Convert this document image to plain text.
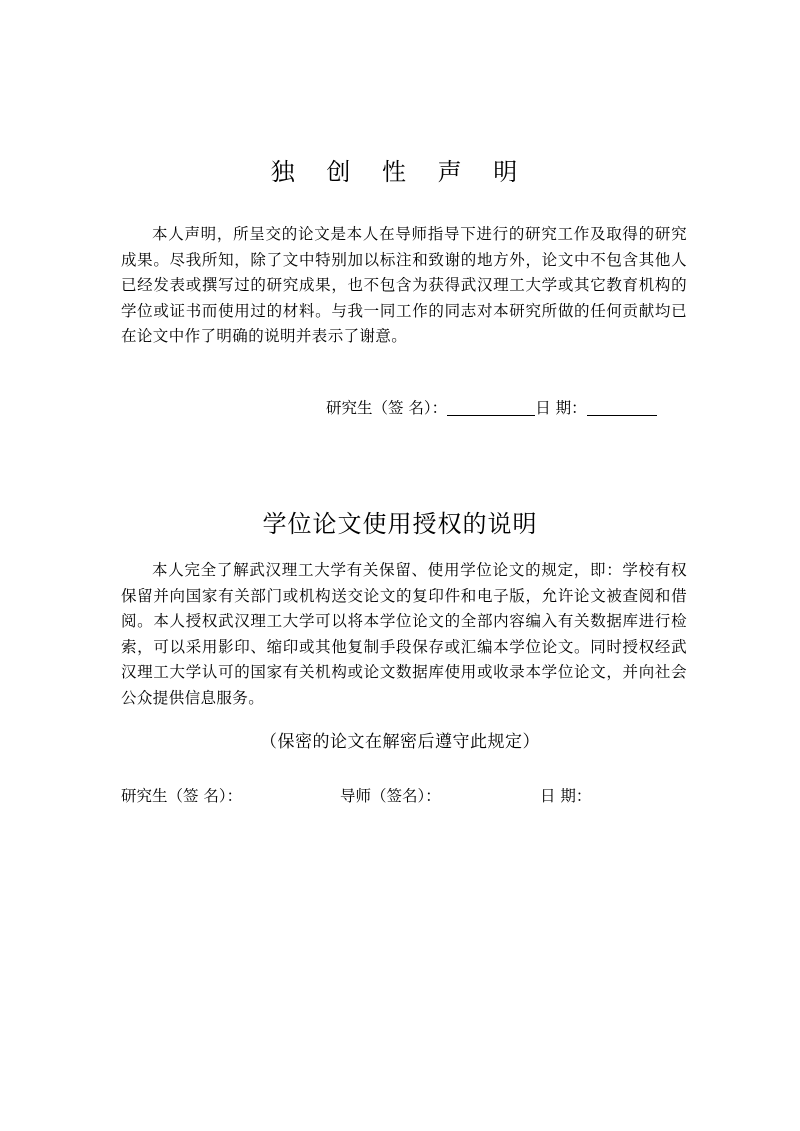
独 创 性 声 明
本人声明，所呈交的论文是本人在导师指导下进行的研究工作及取得的研究成果。尽我所知，除了文中特别加以标注和致谢的地方外，论文中不包含其他人已经发表或撰写过的研究成果，也不包含为获得武汉理工大学或其它教育机构的学位或证书而使用过的材料。与我一同工作的同志对本研究所做的任何贡献均已在论文中作了明确的说明并表示了谢意。
研究生（签 名）：	日 期：
学位论文使用授权的说明
本人完全了解武汉理工大学有关保留、使用学位论文的规定，即：学校有权保留并向国家有关部门或机构送交论文的复印件和电子版，允许论文被查阅和借阅。本人授权武汉理工大学可以将本学位论文的全部内容编入有关数据库进行检索，可以采用影印、缩印或其他复制手段保存或汇编本学位论文。同时授权经武汉理工大学认可的国家有关机构或论文数据库使用或收录本学位论文，并向社会公众提供信息服务。
（保密的论文在解密后遵守此规定）
研究生（签 名）：	导师（签名）：	日 期：
